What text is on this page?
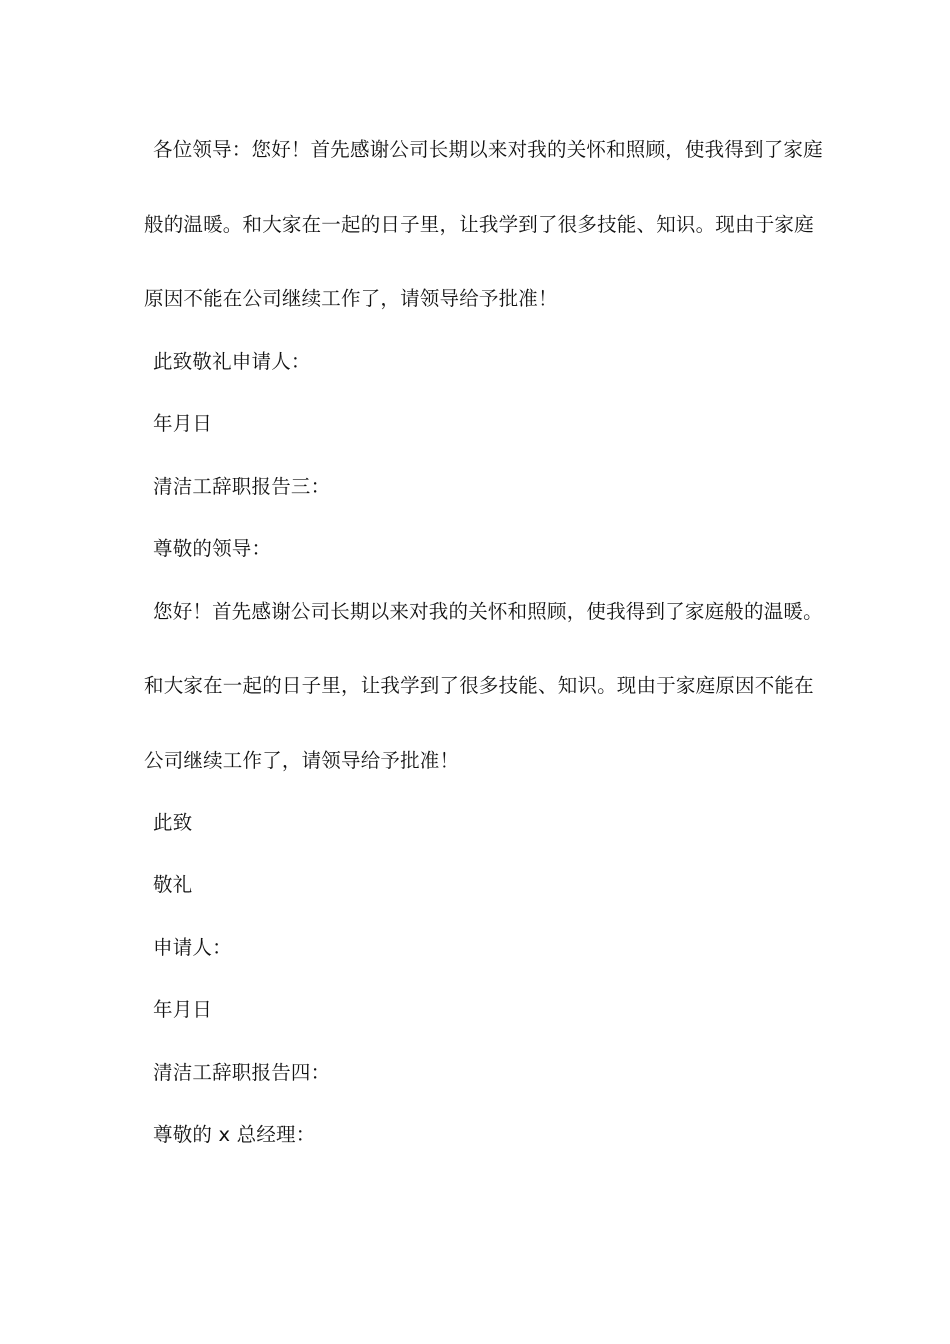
各位领导：您好！首先感谢公司长期以来对我的关怀和照顾，使我得到了家庭
般的温暖。和大家在一起的日子里，让我学到了很多技能、知识。现由于家庭
原因不能在公司继续工作了，请领导给予批准！
此致敬礼申请人：
年月日
清洁工辞职报告三：
尊敬的领导：
您好！首先感谢公司长期以来对我的关怀和照顾，使我得到了家庭般的温暖。
和大家在一起的日子里，让我学到了很多技能、知识。现由于家庭原因不能在
公司继续工作了，请领导给予批准！
此致
敬礼
申请人：
年月日
清洁工辞职报告四：
尊敬的 x 总经理：
